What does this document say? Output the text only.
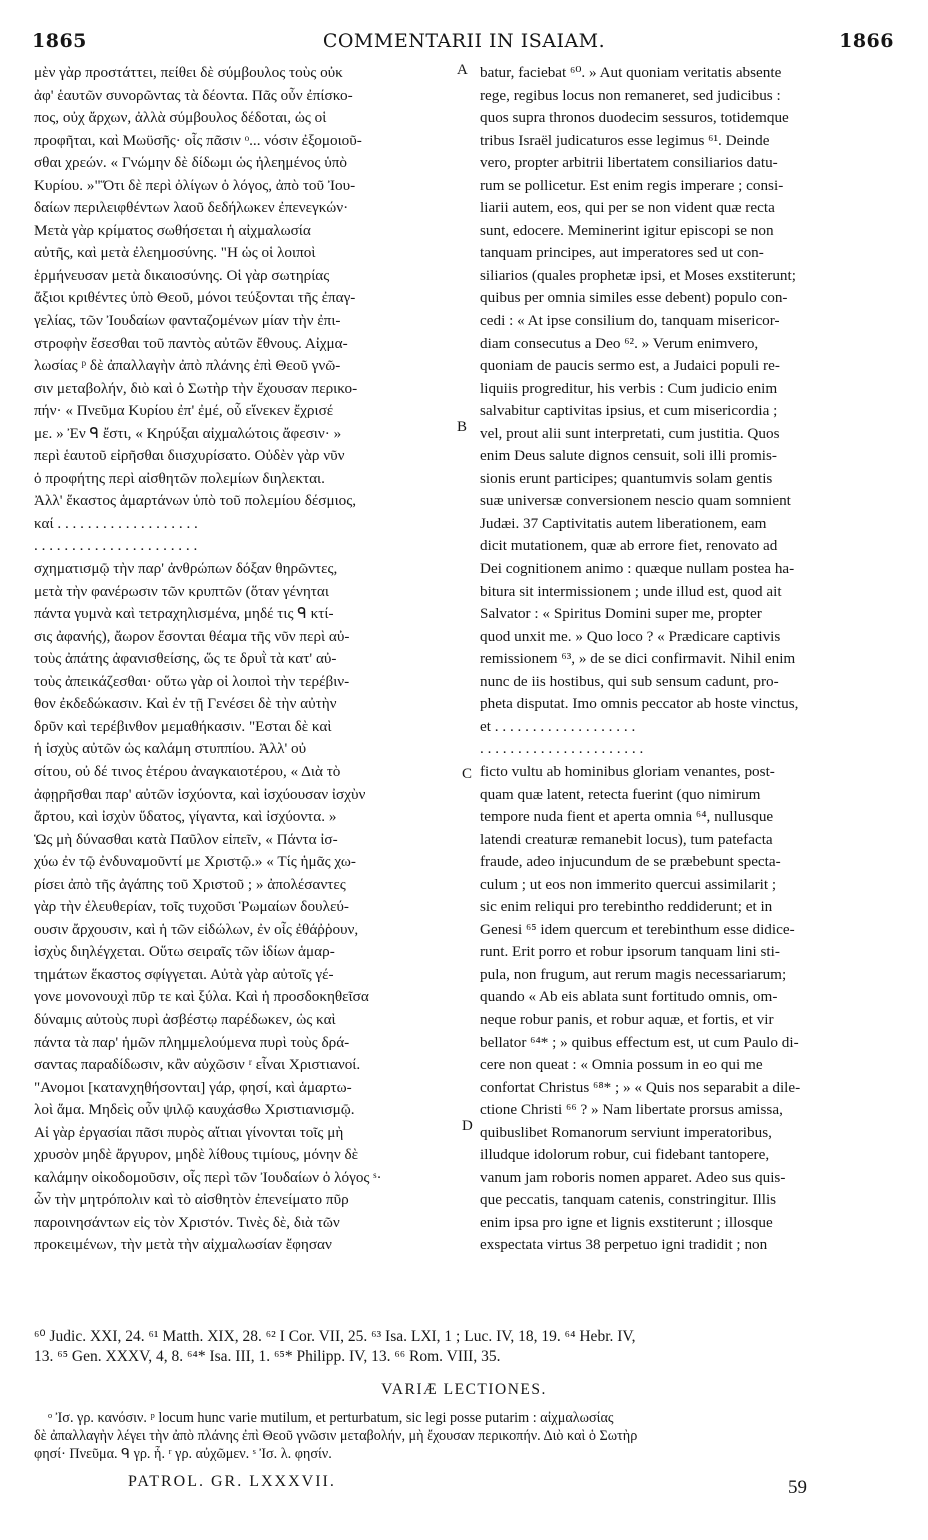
1865	COMMENTARII IN ISAIAM.	1866
μὲν γὰρ προστάττει, πείθει δὲ σύμβουλος τοὺς οὐκ
ἀφ' ἑαυτῶν συνορῶντας τὰ δέοντα. Πᾶς οὖν ἐπίσκο-
πος, οὐχ ἄρχων, ἀλλὰ σύμβουλος δέδοται, ὡς οἱ
προφῆται, καὶ Μωϋσῆς· οἷς πᾶσιν ᵒ... νόσιν ἐξομοιοῦ-
σθαι χρεών. « Γνώμην δὲ δίδωμι ὡς ἠλεημένος ὑπὸ
Κυρίου. »"Ὅτι δὲ περὶ ὀλίγων ὁ λόγος, ἀπὸ τοῦ Ἰου-
δαίων περιλειφθέντων λαοῦ δεδήλωκεν ἐπενεγκών·
Μετὰ γὰρ κρίματος σωθήσεται ἡ αἰχμαλωσία
αὐτῆς, καὶ μετὰ ἐλεημοσύνης. "Η ὡς οἱ λοιποὶ
ἑρμήνευσαν μετὰ δικαιοσύνης. Οἱ γὰρ σωτηρίας
ἄξιοι κριθέντες ὑπὸ Θεοῦ, μόνοι τεύξονται τῆς ἐπαγ-
γελίας, τῶν Ἰουδαίων φανταζομένων μίαν τὴν ἐπι-
στροφὴν ἔσεσθαι τοῦ παντὸς αὐτῶν ἔθνους. Αἰχμα-
λωσίας ᵖ δὲ ἀπαλλαγὴν ἀπὸ πλάνης ἐπὶ Θεοῦ γνῶ-
σιν μεταβολήν, διὸ καὶ ὁ Σωτὴρ τὴν ἔχουσαν περικο-
πήν· « Πνεῦμα Κυρίου ἐπ' ἐμέ, οὗ εἵνεκεν ἔχρισέ
με. » Ἐν ᑫ ἔστι, « Κηρύξαι αἰχμαλώτοις ἄφεσιν· »
περὶ ἑαυτοῦ εἰρῆσθαι διισχυρίσατο. Οὐδὲν γὰρ νῦν
ὁ προφήτης περὶ αἰσθητῶν πολεμίων διηλεκται.
Ἀλλ' ἕκαστος ἁμαρτάνων ὑπὸ τοῦ πολεμίου δέσμιος,
καί . . . . . . . . . . . . . . . . . . .
. . . . . . . . . . . . . . . . . . . . . .
σχηματισμῷ τὴν παρ' ἀνθρώπων δόξαν θηρῶντες,
μετὰ τὴν φανέρωσιν τῶν κρυπτῶν (ὅταν γένηται
πάντα γυμνὰ καὶ τετραχηλισμένα, μηδέ τις ᑫ κτί-
σις ἀφανής), ἄωρον ἔσονται θέαμα τῆς νῦν περὶ αὐ-
τοὺς ἀπάτης ἀφανισθείσης, ὥς τε δρυῒ τὰ κατ' αὐ-
τοὺς ἀπεικάζεσθαι· οὕτω γὰρ οἱ λοιποὶ τὴν τερέβιν-
θον ἐκδεδώκασιν. Καὶ ἐν τῇ Γενέσει δὲ τὴν αὐτὴν
δρῦν καὶ τερέβινθον μεμαθήκασιν. "Εσται δὲ καὶ
ἡ ἰσχὺς αὐτῶν ὡς καλάμη στυππίου. Ἀλλ' οὐ
σίτου, οὐ δέ τινος ἑτέρου ἀναγκαιοτέρου, « Διὰ τὸ
ἀφῃρῆσθαι παρ' αὐτῶν ἰσχύοντα, καὶ ἰσχύουσαν ἰσχὺν
ἄρτου, καὶ ἰσχὺν ὕδατος, γίγαντα, καὶ ἰσχύοντα. »
Ὡς μὴ δύνασθαι κατὰ Παῦλον εἰπεῖν, « Πάντα ἰσ-
χύω ἐν τῷ ἐνδυναμοῦντί με Χριστῷ.» « Τίς ἡμᾶς χω-
ρίσει ἀπὸ τῆς ἀγάπης τοῦ Χριστοῦ ; » ἀπολέσαντες
γὰρ τὴν ἐλευθερίαν, τοῖς τυχοῦσι Ῥωμαίων δουλεύ-
ουσιν ἄρχουσιν, καὶ ἡ τῶν εἰδώλων, ἐν οἷς ἐθάῤῥουν,
ἰσχὺς διηλέγχεται. Οὕτω σειραῖς τῶν ἰδίων ἁμαρ-
τημάτων ἕκαστος σφίγγεται. Αὐτὰ γὰρ αὐτοῖς γέ-
γονε μονονουχὶ πῦρ τε καὶ ξύλα. Καὶ ἡ προσδοκηθεῖσα
δύναμις αὐτοὺς πυρὶ ἀσβέστῳ παρέδωκεν, ὡς καὶ
πάντα τὰ παρ' ἡμῶν πλημμελούμενα πυρὶ τοὺς δρά-
σαντας παραδίδωσιν, κἂν αὐχῶσιν ʳ εἶναι Χριστιανοί.
"Ανομοι [κατανχηθήσονται] γάρ, φησί, καὶ ἁμαρτω-
λοὶ ἅμα. Μηδεὶς οὖν ψιλῷ καυχάσθω Χριστιανισμῷ.
Αἱ γὰρ ἐργασίαι πᾶσι πυρὸς αἴτιαι γίνονται τοῖς μὴ
χρυσὸν μηδὲ ἄργυρον, μηδὲ λίθους τιμίους, μόνην δὲ
καλάμην οἰκοδομοῦσιν, οἷς περὶ τῶν Ἰουδαίων ὁ λόγος ˢ·
ὧν τὴν μητρόπολιν καὶ τὸ αἰσθητὸν ἐπενείματο πῦρ
παροινησάντων εἰς τὸν Χριστόν. Τινὲς δὲ, διὰ τῶν
προκειμένων, τὴν μετὰ τὴν αἰχμαλωσίαν ἔφησαν
batur, faciebat ⁶⁰. » Aut quoniam veritatis absente
rege, regibus locus non remaneret, sed judicibus :
quos supra thronos duodecim sessuros, totidemque
tribus Israël judicaturos esse legimus ⁶¹. Deinde
vero, propter arbitrii libertatem consiliarios datu-
rum se pollicetur. Est enim regis imperare ; consi-
liarii autem, eos, qui per se non vident quæ recta
sunt, edocere. Meminerint igitur episcopi se non
tanquam principes, aut imperatores sed ut con-
siliarios (quales prophetæ ipsi, et Moses exstiterunt;
quibus per omnia similes esse debent) populo con-
cedi : « At ipse consilium do, tanquam misericor-
diam consecutus a Deo ⁶². » Verum enimvero,
quoniam de paucis sermo est, a Judaici populi re-
liquiis progreditur, his verbis : Cum judicio enim
salvabitur captivitas ipsius, et cum misericordia ;
vel, prout alii sunt interpretati, cum justitia. Quos
enim Deus salute dignos censuit, soli illi promis-
sionis erunt participes; quantumvis solam gentis
suæ universæ conversionem nescio quam somnient
Judæi. 37 Captivitatis autem liberationem, eam
dicit mutationem, quæ ab errore fiet, renovato ad
Dei cognitionem animo : quæque nullam postea ha-
bitura sit intermissionem ; unde illud est, quod ait
Salvator : « Spiritus Domini super me, propter
quod unxit me. » Quo loco ? « Prædicare captivis
remissionem ⁶³, » de se dici confirmavit. Nihil enim
nunc de iis hostibus, qui sub sensum cadunt, pro-
pheta disputat. Imo omnis peccator ab hoste vinctus,
et . . . . . . . . . . . . . . . . . . .
. . . . . . . . . . . . . . . . . . . . . .
ficto vultu ab hominibus gloriam venantes, post-
quam quæ latent, retecta fuerint (quo nimirum
tempore nuda fient et aperta omnia ⁶⁴, nullusque
latendi creaturæ remanebit locus), tum patefacta
fraude, adeo injucundum de se præbebunt specta-
culum ; ut eos non immerito quercui assimilarit ;
sic enim reliqui pro terebintho reddiderunt; et in
Genesi ⁶⁵ idem quercum et terebinthum esse didice-
runt. Erit porro et robur ipsorum tanquam lini sti-
pula, non frugum, aut rerum magis necessariarum;
quando « Ab eis ablata sunt fortitudo omnis, om-
neque robur panis, et robur aquæ, et fortis, et vir
bellator ⁶⁴* ; » quibus effectum est, ut cum Paulo di-
cere non queat : « Omnia possum in eo qui me
confortat Christus ⁶⁸* ; » « Quis nos separabit a dile-
ctione Christi ⁶⁶ ? » Nam libertate prorsus amissa,
quibuslibet Romanorum serviunt imperatoribus,
illudque idolorum robur, cui fidebant tantopere,
vanum jam roboris nomen apparet. Adeo sus quis-
que peccatis, tanquam catenis, constringitur. Illis
enim ipsa pro igne et lignis exstiterunt ; illosque
exspectata virtus 38 perpetuo igni tradidit ; non
A
B
C
D
⁶⁰ Judic. XXI, 24. ⁶¹ Matth. XIX, 28. ⁶² I Cor. VII, 25. ⁶³ Isa. LXI, 1 ; Luc. IV, 18, 19. ⁶⁴ Hebr. IV,
13. ⁶⁵ Gen. XXXV, 4, 8. ⁶⁴* Isa. III, 1. ⁶⁵* Philipp. IV, 13. ⁶⁶ Rom. VIII, 35.
VARIÆ LECTIONES.
ᵒ Ἰσ. γρ. κανόσιν. ᵖ locum hunc varie mutilum, et perturbatum, sic legi posse putarim : αἰχμαλωσίας
δὲ ἀπαλλαγὴν λέγει τὴν ἀπὸ πλάνης ἐπὶ Θεοῦ γνῶσιν μεταβολήν, μὴ ἔχουσαν περικοπήν. Διὸ καὶ ὁ Σωτὴρ
φησί· Πνεῦμα. ᑫ γρ. ἧ. ʳ γρ. αὐχῶμεν. ˢ Ἰσ. λ. φησίν.
PATROL. GR. LXXXVII.	59
